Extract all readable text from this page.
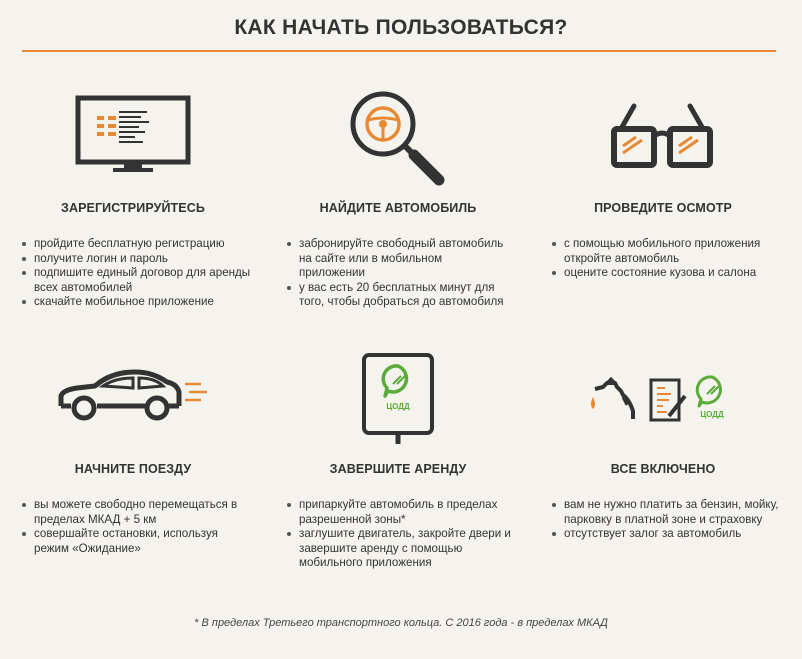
КАК НАЧАТЬ ПОЛЬЗОВАТЬСЯ?
ЦОДД
ЦОДД
ЗАРЕГИСТРИРУЙТЕСЬ	НАЙДИТЕ АВТОМОБИЛЬ	ПРОВЕДИТЕ ОСМОТР
НАЧНИТЕ ПОЕЗДУ	ЗАВЕРШИТЕ АРЕНДУ	ВСЕ ВКЛЮЧЕНО
пройдите бесплатную регистрацию
получите логин и пароль
подпишите единый договор для аренды всех автомобилей
скачайте мобильное приложение
забронируйте свободный автомобиль на сайте или в мобильном приложении
у вас есть 20 бесплатных минут для того, чтобы добраться до автомобиля
с помощью мобильного приложения откройте автомобиль
оцените состояние кузова и салона
вы можете свободно перемещаться в пределах МКАД + 5 км
совершайте остановки, используя режим «Ожидание»
припаркуйте автомобиль в пределах разрешенной зоны*
заглушите двигатель, закройте двери и завершите аренду с помощью мобильного приложения
вам не нужно платить за бензин, мойку, парковку в платной зоне и страховку
отсутствует залог за автомобиль
* В пределах Третьего транспортного кольца. С 2016 года - в пределах МКАД
